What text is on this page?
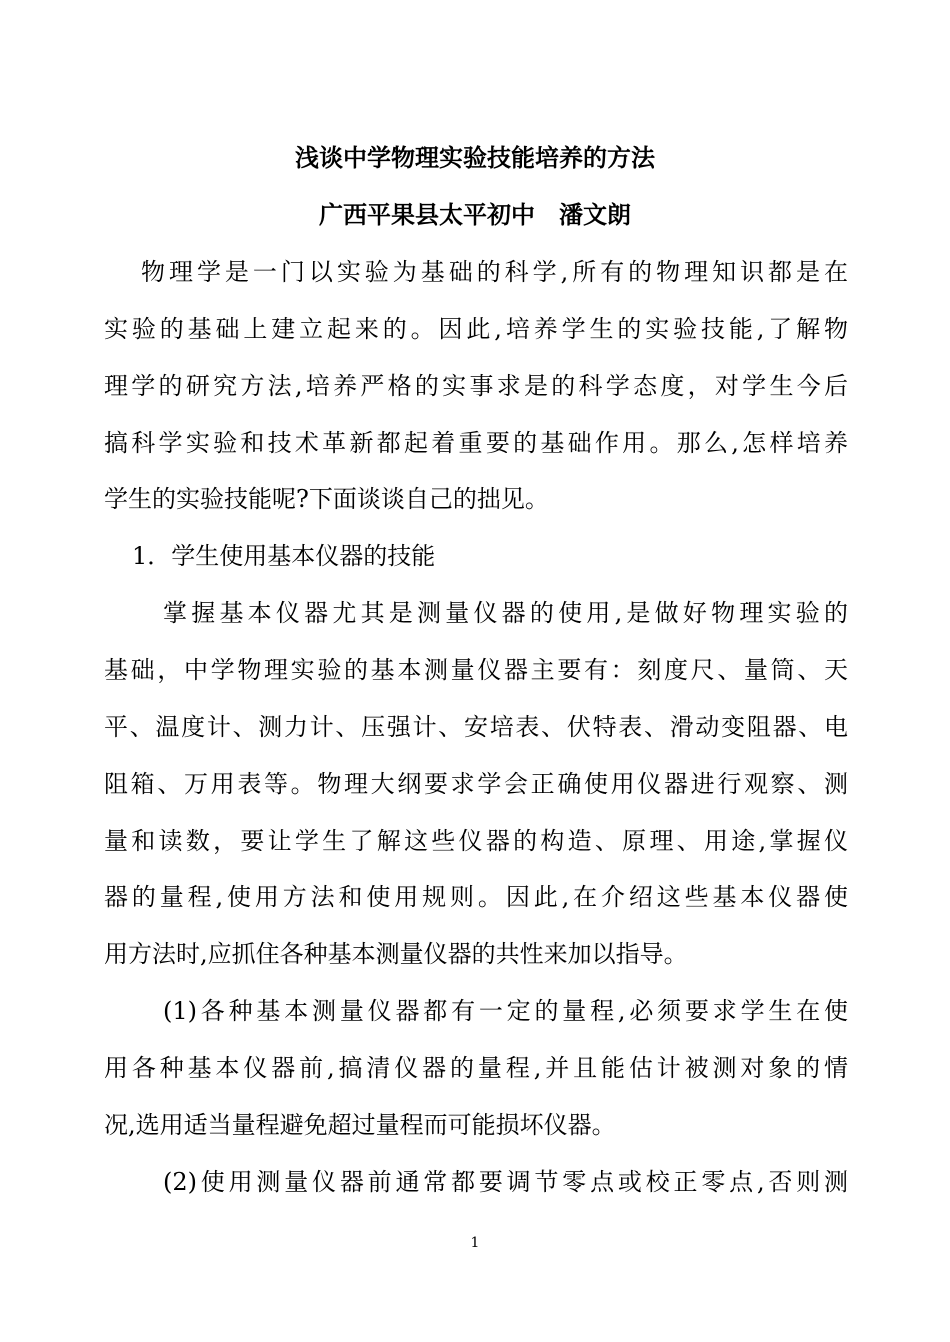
浅谈中学物理实验技能培养的方法
广西平果县太平初中　潘文朗
物理学是一门以实验为基础的科学,所有的物理知识都是在
实验的基础上建立起来的。因此,培养学生的实验技能,了解物
理学的研究方法,培养严格的实事求是的科学态度，对学生今后
搞科学实验和技术革新都起着重要的基础作用。那么,怎样培养
学生的实验技能呢?下面谈谈自己的拙见。
1．学生使用基本仪器的技能
掌握基本仪器尤其是测量仪器的使用,是做好物理实验的
基础，中学物理实验的基本测量仪器主要有：刻度尺、量筒、天
平、温度计、测力计、压强计、安培表、伏特表、滑动变阻器、电
阻箱、万用表等。物理大纲要求学会正确使用仪器进行观察、测
量和读数，要让学生了解这些仪器的构造、原理、用途,掌握仪
器的量程,使用方法和使用规则。因此,在介绍这些基本仪器使
用方法时,应抓住各种基本测量仪器的共性来加以指导。
(1)各种基本测量仪器都有一定的量程,必须要求学生在使
用各种基本仪器前,搞清仪器的量程,并且能估计被测对象的情
况,选用适当量程避免超过量程而可能损坏仪器。
(2)使用测量仪器前通常都要调节零点或校正零点,否则测
1
